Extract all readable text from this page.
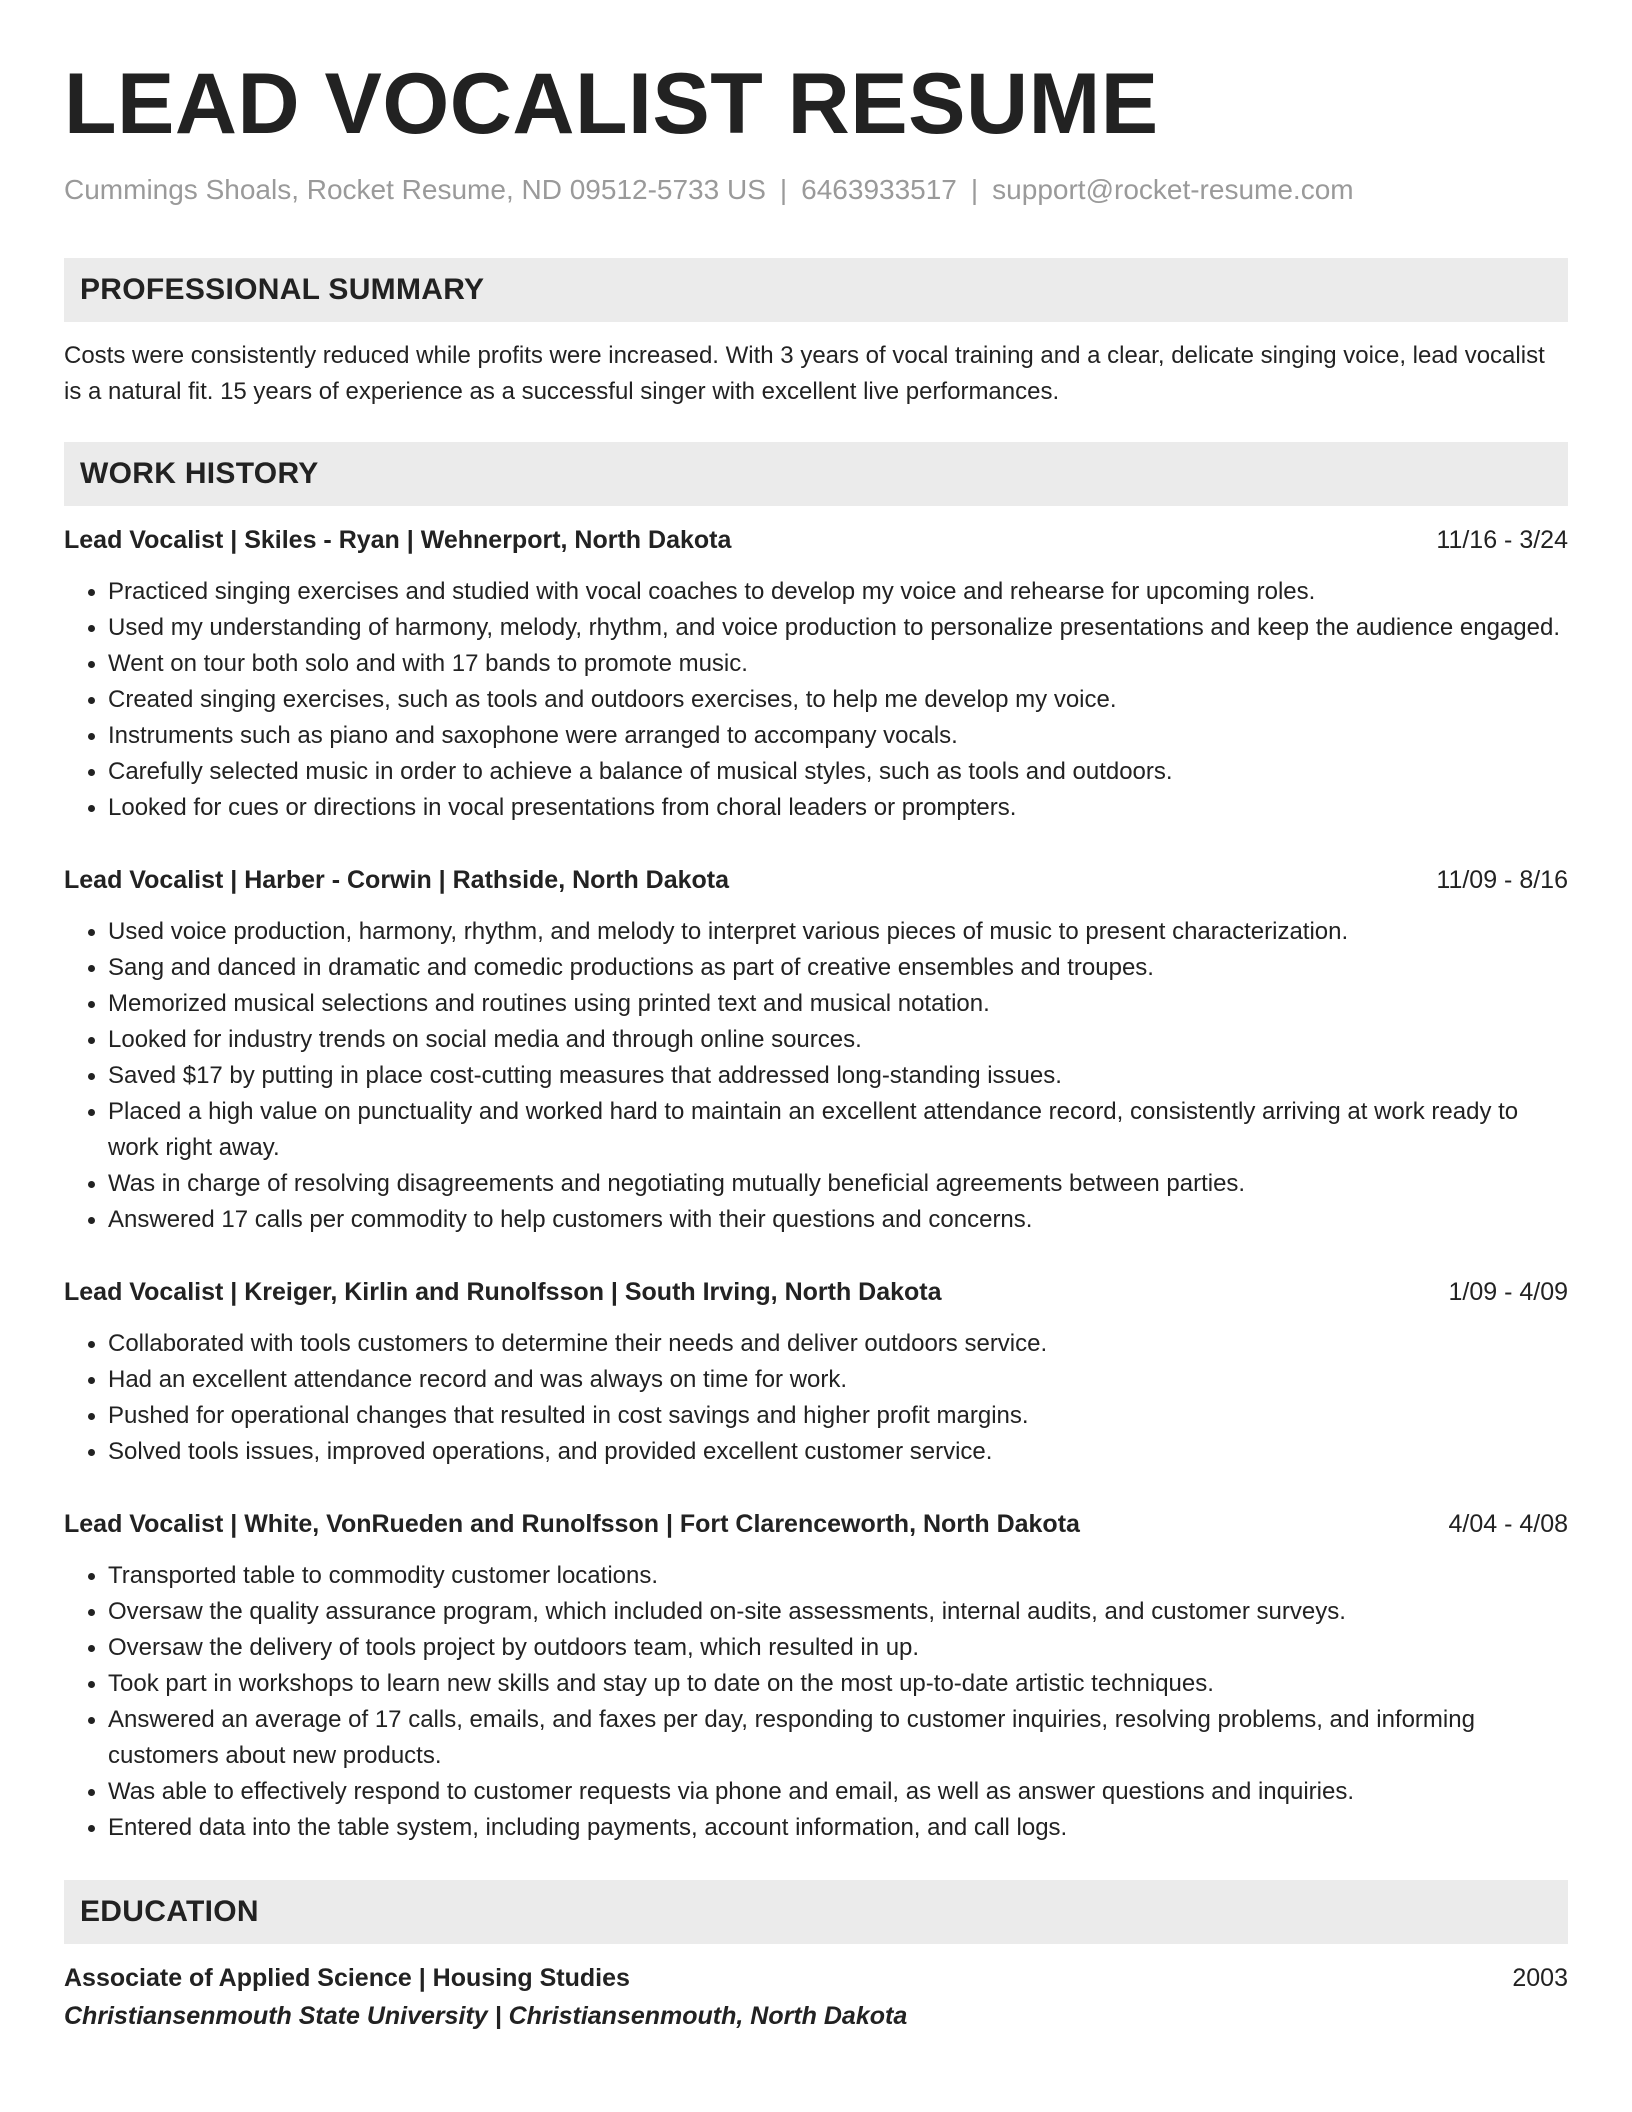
LEAD VOCALIST RESUME
Cummings Shoals, Rocket Resume, ND 09512-5733 US | 6463933517 | support@rocket-resume.com
PROFESSIONAL SUMMARY
Costs were consistently reduced while profits were increased. With 3 years of vocal training and a clear, delicate singing voice, lead vocalist is a natural fit. 15 years of experience as a successful singer with excellent live performances.
WORK HISTORY
Lead Vocalist | Skiles - Ryan | Wehnerport, North Dakota	11/16 - 3/24
• Practiced singing exercises and studied with vocal coaches to develop my voice and rehearse for upcoming roles.
• Used my understanding of harmony, melody, rhythm, and voice production to personalize presentations and keep the audience engaged.
• Went on tour both solo and with 17 bands to promote music.
• Created singing exercises, such as tools and outdoors exercises, to help me develop my voice.
• Instruments such as piano and saxophone were arranged to accompany vocals.
• Carefully selected music in order to achieve a balance of musical styles, such as tools and outdoors.
• Looked for cues or directions in vocal presentations from choral leaders or prompters.
Lead Vocalist | Harber - Corwin | Rathside, North Dakota	11/09 - 8/16
• Used voice production, harmony, rhythm, and melody to interpret various pieces of music to present characterization.
• Sang and danced in dramatic and comedic productions as part of creative ensembles and troupes.
• Memorized musical selections and routines using printed text and musical notation.
• Looked for industry trends on social media and through online sources.
• Saved $17 by putting in place cost-cutting measures that addressed long-standing issues.
• Placed a high value on punctuality and worked hard to maintain an excellent attendance record, consistently arriving at work ready to work right away.
• Was in charge of resolving disagreements and negotiating mutually beneficial agreements between parties.
• Answered 17 calls per commodity to help customers with their questions and concerns.
Lead Vocalist | Kreiger, Kirlin and Runolfsson | South Irving, North Dakota	1/09 - 4/09
• Collaborated with tools customers to determine their needs and deliver outdoors service.
• Had an excellent attendance record and was always on time for work.
• Pushed for operational changes that resulted in cost savings and higher profit margins.
• Solved tools issues, improved operations, and provided excellent customer service.
Lead Vocalist | White, VonRueden and Runolfsson | Fort Clarenceworth, North Dakota	4/04 - 4/08
• Transported table to commodity customer locations.
• Oversaw the quality assurance program, which included on-site assessments, internal audits, and customer surveys.
• Oversaw the delivery of tools project by outdoors team, which resulted in up.
• Took part in workshops to learn new skills and stay up to date on the most up-to-date artistic techniques.
• Answered an average of 17 calls, emails, and faxes per day, responding to customer inquiries, resolving problems, and informing customers about new products.
• Was able to effectively respond to customer requests via phone and email, as well as answer questions and inquiries.
• Entered data into the table system, including payments, account information, and call logs.
EDUCATION
Associate of Applied Science | Housing Studies	2003
Christiansenmouth State University | Christiansenmouth, North Dakota
